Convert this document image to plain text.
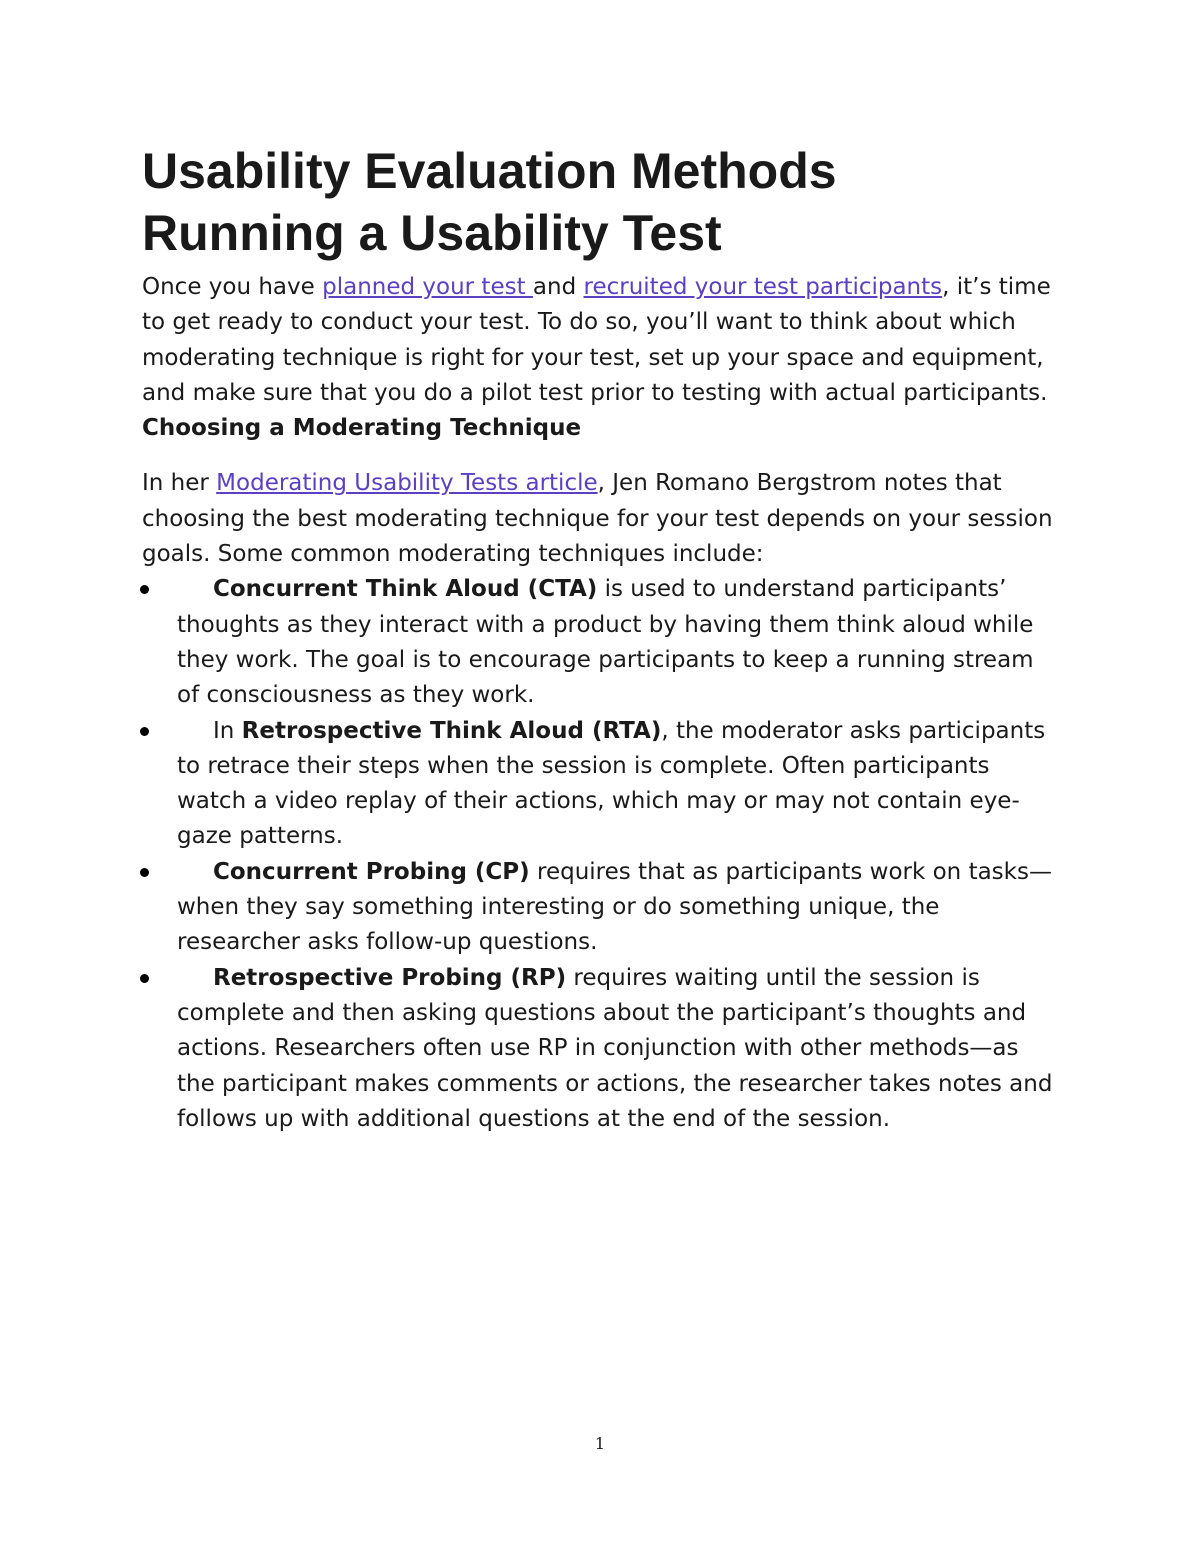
Usability Evaluation Methods
Running a Usability Test

Once you have planned your test and recruited your test participants, it’s time to get ready to conduct your test. To do so, you’ll want to think about which moderating technique is right for your test, set up your space and equipment, and make sure that you do a pilot test prior to testing with actual participants.

Choosing a Moderating Technique

In her Moderating Usability Tests article, Jen Romano Bergstrom notes that choosing the best moderating technique for your test depends on your session goals. Some common moderating techniques include:

Concurrent Think Aloud (CTA) is used to understand participants’ thoughts as they interact with a product by having them think aloud while they work. The goal is to encourage participants to keep a running stream of consciousness as they work.
In Retrospective Think Aloud (RTA), the moderator asks participants to retrace their steps when the session is complete. Often participants watch a video replay of their actions, which may or may not contain eye-gaze patterns.
Concurrent Probing (CP) requires that as participants work on tasks—when they say something interesting or do something unique, the researcher asks follow-up questions.
Retrospective Probing (RP) requires waiting until the session is complete and then asking questions about the participant’s thoughts and actions. Researchers often use RP in conjunction with other methods—as the participant makes comments or actions, the researcher takes notes and follows up with additional questions at the end of the session.
1
